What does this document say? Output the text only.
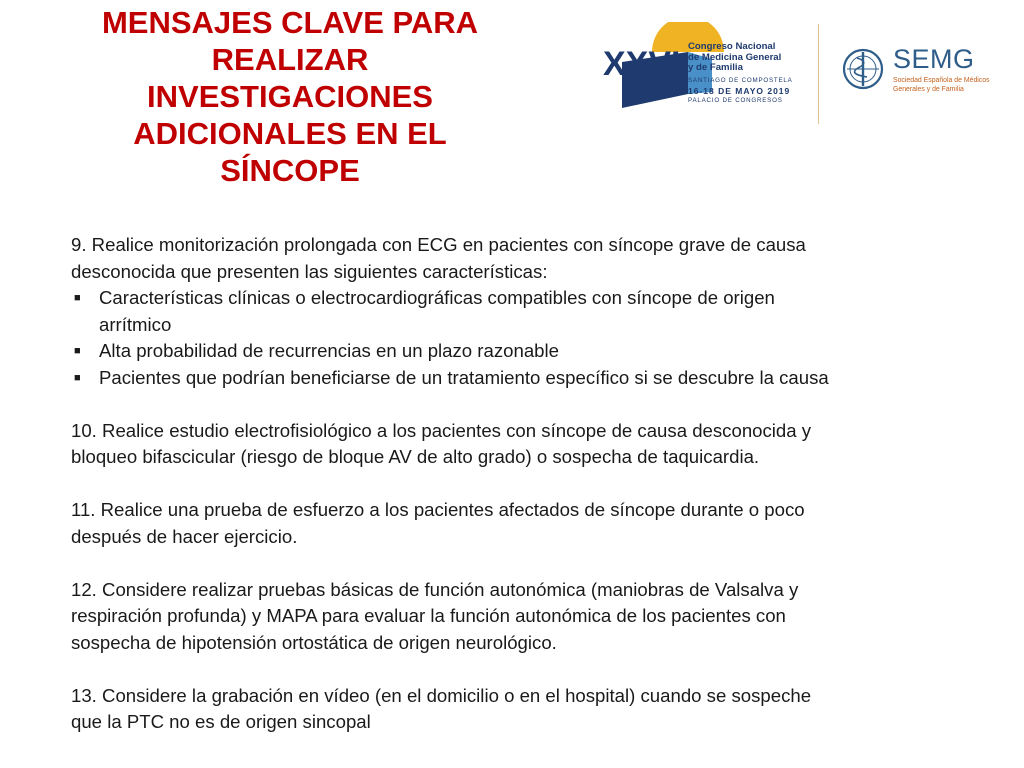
MENSAJES CLAVE PARA
REALIZAR
INVESTIGACIONES
ADICIONALES EN EL
SÍNCOPE
XXVI Congreso Nacional
de Medicina General
y de Familia
SANTIAGO DE COMPOSTELA
16-18 DE MAYO 2019
PALACIO DE CONGRESOS
SEMG
Sociedad Española de Médicos
Generales y de Familia

9. Realice monitorización prolongada con ECG en pacientes con síncope grave de causa
desconocida que presenten las siguientes características:

■ Características clínicas o electrocardiográficas compatibles con síncope de origen
arrítmico
■ Alta probabilidad de recurrencias en un plazo razonable
■ Pacientes que podrían beneficiarse de un tratamiento específico si se descubre la causa

10. Realice estudio electrofisiológico a los pacientes con síncope de causa desconocida y
bloqueo bifascicular (riesgo de bloque AV de alto grado) o sospecha de taquicardia.

11. Realice una prueba de esfuerzo a los pacientes afectados de síncope durante o poco
después de hacer ejercicio.

12. Considere realizar pruebas básicas de función autonómica (maniobras de Valsalva y
respiración profunda) y MAPA para evaluar la función autonómica de los pacientes con
sospecha de hipotensión ortostática de origen neurológico.

13. Considere la grabación en vídeo (en el domicilio o en el hospital) cuando se sospeche
que la PTC no es de origen sincopal
